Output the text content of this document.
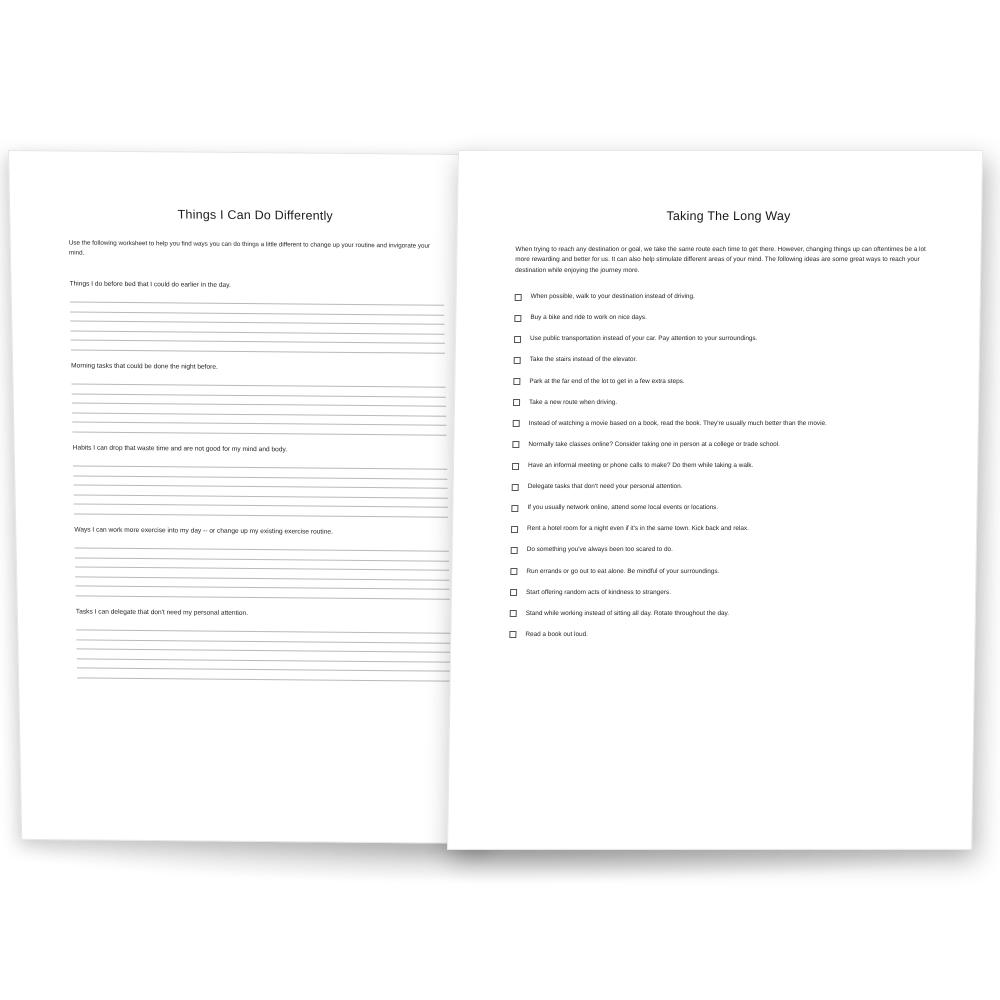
Things I Can Do Differently
Use the following worksheet to help you find ways you can do things a little different to change up your routine and invigorate your mind.
Things I do before bed that I could do earlier in the day.
Morning tasks that could be done the night before.
Habits I can drop that waste time and are not good for my mind and body.
Ways I can work more exercise into my day -- or change up my existing exercise routine.
Tasks I can delegate that don't need my personal attention.
Taking The Long Way
When trying to reach any destination or goal, we take the same route each time to get there. However, changing things up can oftentimes be a lot more rewarding and better for us. It can also help stimulate different areas of your mind. The following ideas are some great ways to reach your destination while enjoying the journey more.
When possible, walk to your destination instead of driving.
Buy a bike and ride to work on nice days.
Use public transportation instead of your car. Pay attention to your surroundings.
Take the stairs instead of the elevator.
Park at the far end of the lot to get in a few extra steps.
Take a new route when driving.
Instead of watching a movie based on a book, read the book. They're usually much better than the movie.
Normally take classes online? Consider taking one in person at a college or trade school.
Have an informal meeting or phone calls to make? Do them while taking a walk.
Delegate tasks that don't need your personal attention.
If you usually network online, attend some local events or locations.
Rent a hotel room for a night even if it's in the same town. Kick back and relax.
Do something you've always been too scared to do.
Run errands or go out to eat alone. Be mindful of your surroundings.
Start offering random acts of kindness to strangers.
Stand while working instead of sitting all day. Rotate throughout the day.
Read a book out loud.
